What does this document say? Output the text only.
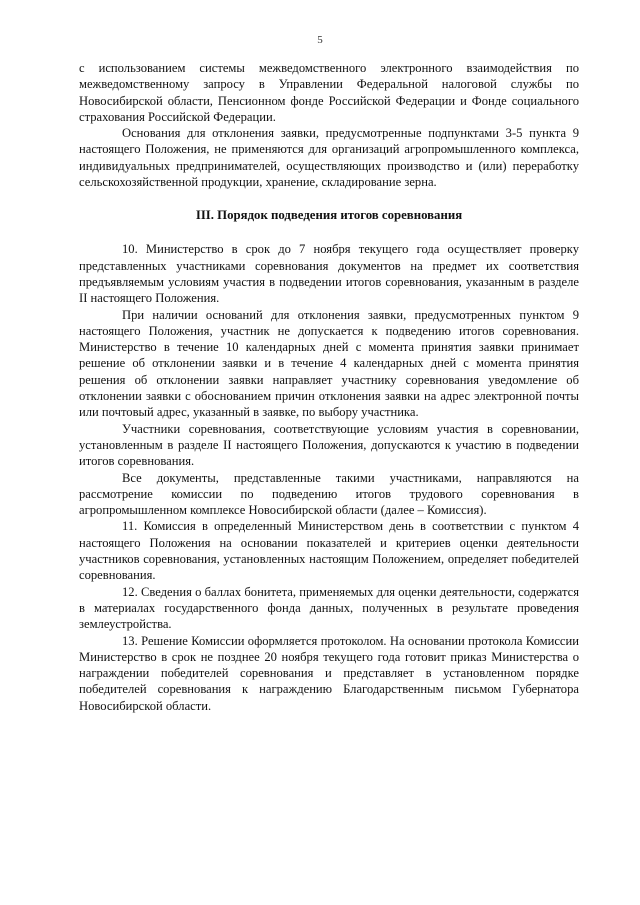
5

с использованием системы межведомственного электронного взаимодействия по межведомственному запросу в Управлении Федеральной налоговой службы по Новосибирской области, Пенсионном фонде Российской Федерации и Фонде социального страхования Российской Федерации.

Основания для отклонения заявки, предусмотренные подпунктами 3-5 пункта 9 настоящего Положения, не применяются для организаций агропромышленного комплекса, индивидуальных предпринимателей, осуществляющих производство и (или) переработку сельскохозяйственной продукции, хранение, складирование зерна.

III. Порядок подведения итогов соревнования

10. Министерство в срок до 7 ноября текущего года осуществляет проверку представленных участниками соревнования документов на предмет их соответствия предъявляемым условиям участия в подведении итогов соревнования, указанным в разделе II настоящего Положения.

При наличии оснований для отклонения заявки, предусмотренных пунктом 9 настоящего Положения, участник не допускается к подведению итогов соревнования. Министерство в течение 10 календарных дней с момента принятия заявки принимает решение об отклонении заявки и в течение 4 календарных дней с момента принятия решения об отклонении заявки направляет участнику соревнования уведомление об отклонении заявки с обоснованием причин отклонения заявки на адрес электронной почты или почтовый адрес, указанный в заявке, по выбору участника.

Участники соревнования, соответствующие условиям участия в соревновании, установленным в разделе II настоящего Положения, допускаются к участию в подведении итогов соревнования.

Все документы, представленные такими участниками, направляются на рассмотрение комиссии по подведению итогов трудового соревнования в агропромышленном комплексе Новосибирской области (далее – Комиссия).

11. Комиссия в определенный Министерством день в соответствии с пунктом 4 настоящего Положения на основании показателей и критериев оценки деятельности участников соревнования, установленных настоящим Положением, определяет победителей соревнования.

12. Сведения о баллах бонитета, применяемых для оценки деятельности, содержатся в материалах государственного фонда данных, полученных в результате проведения землеустройства.

13. Решение Комиссии оформляется протоколом. На основании протокола Комиссии Министерство в срок не позднее 20 ноября текущего года готовит приказ Министерства о награждении победителей соревнования и представляет в установленном порядке победителей соревнования к награждению Благодарственным письмом Губернатора Новосибирской области.
